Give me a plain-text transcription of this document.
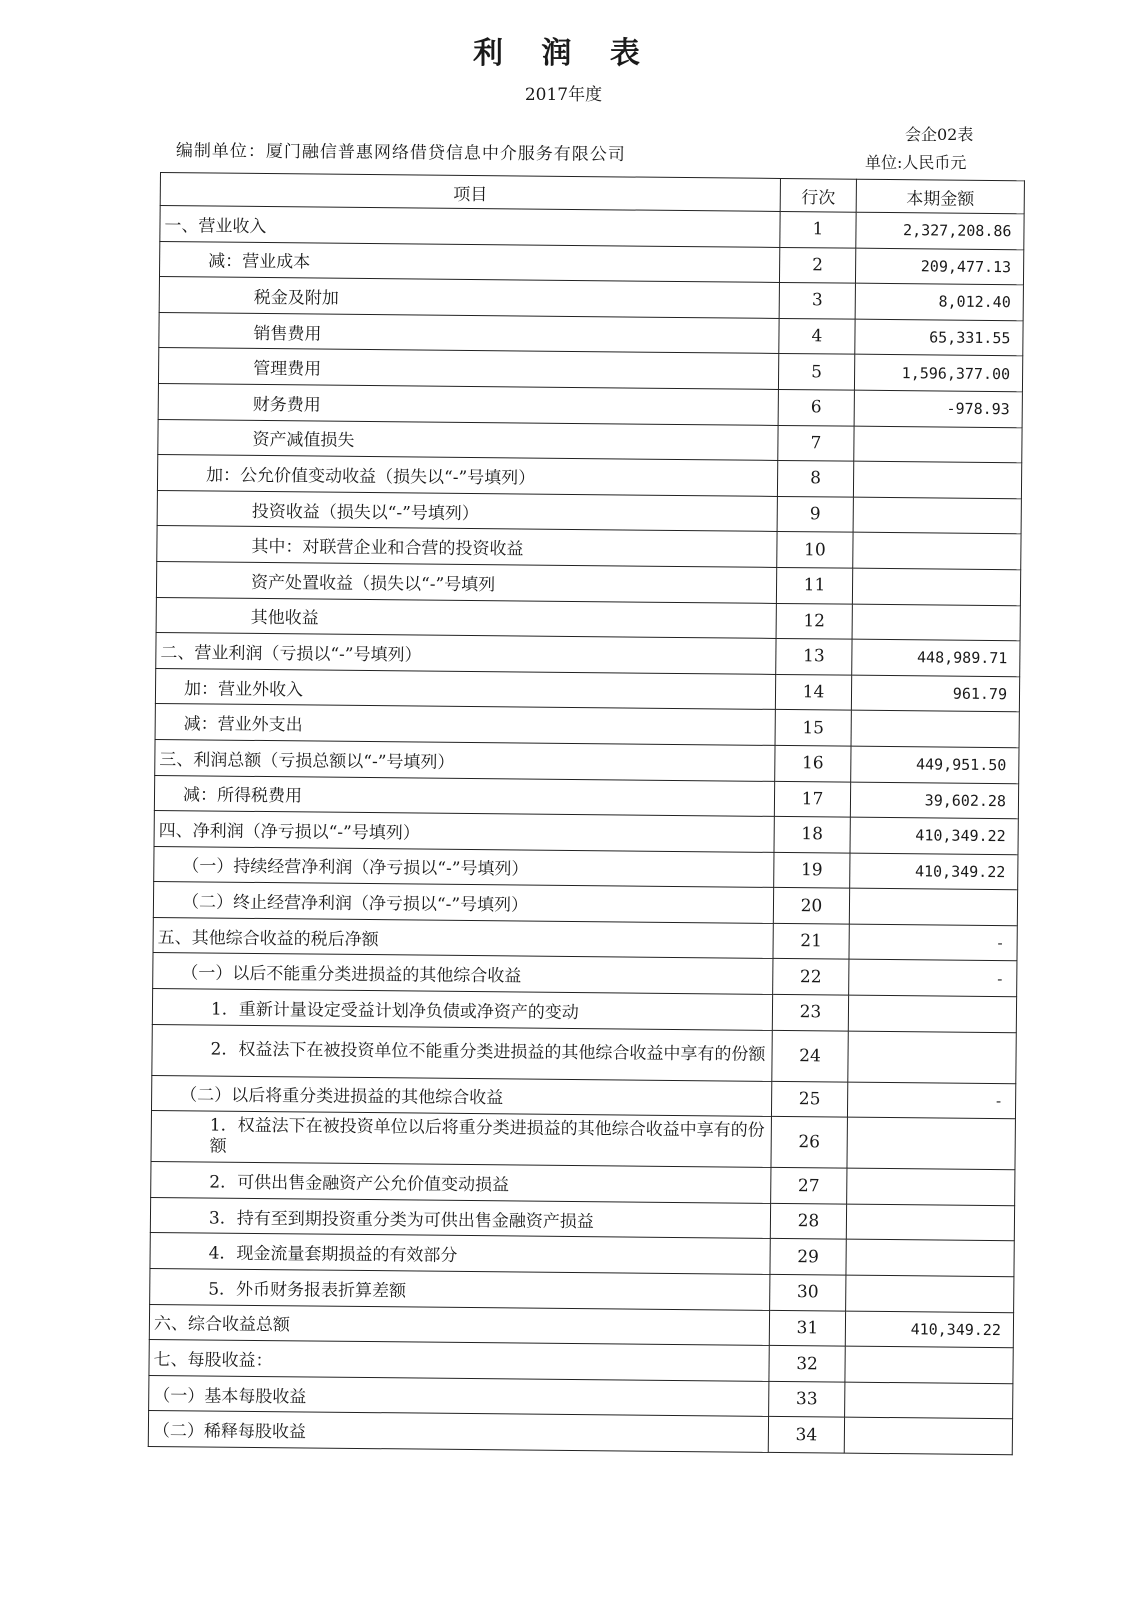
利 润 表
2017年度
会企02表
编制单位：厦门融信普惠网络借贷信息中介服务有限公司	单位:人民币元
项目	行次	本期金额
一、营业收入	1	2,327,208.86
减：营业成本	2	209,477.13
税金及附加	3	8,012.40
销售费用	4	65,331.55
管理费用	5	1,596,377.00
财务费用	6	-978.93
资产减值损失	7	
加：公允价值变动收益（损失以“-”号填列）	8	
投资收益（损失以“-”号填列）	9	
其中：对联营企业和合营的投资收益	10	
资产处置收益（损失以“-”号填列	11	
其他收益	12	
二、营业利润（亏损以“-”号填列）	13	448,989.71
加：营业外收入	14	961.79
减：营业外支出	15	
三、利润总额（亏损总额以“-”号填列）	16	449,951.50
减：所得税费用	17	39,602.28
四、净利润（净亏损以“-”号填列）	18	410,349.22
（一）持续经营净利润（净亏损以“-”号填列）	19	410,349.22
（二）终止经营净利润（净亏损以“-”号填列）	20	
五、其他综合收益的税后净额	21	-
（一）以后不能重分类进损益的其他综合收益	22	-
1．重新计量设定受益计划净负债或净资产的变动	23	
2．权益法下在被投资单位不能重分类进损益的其他综合收益中享有的份额	24	
（二）以后将重分类进损益的其他综合收益	25	-
1．权益法下在被投资单位以后将重分类进损益的其他综合收益中享有的份额	26	
2．可供出售金融资产公允价值变动损益	27	
3．持有至到期投资重分类为可供出售金融资产损益	28	
4．现金流量套期损益的有效部分	29	
5．外币财务报表折算差额	30	
六、综合收益总额	31	410,349.22
七、每股收益：	32	
（一）基本每股收益	33	
（二）稀释每股收益	34	
